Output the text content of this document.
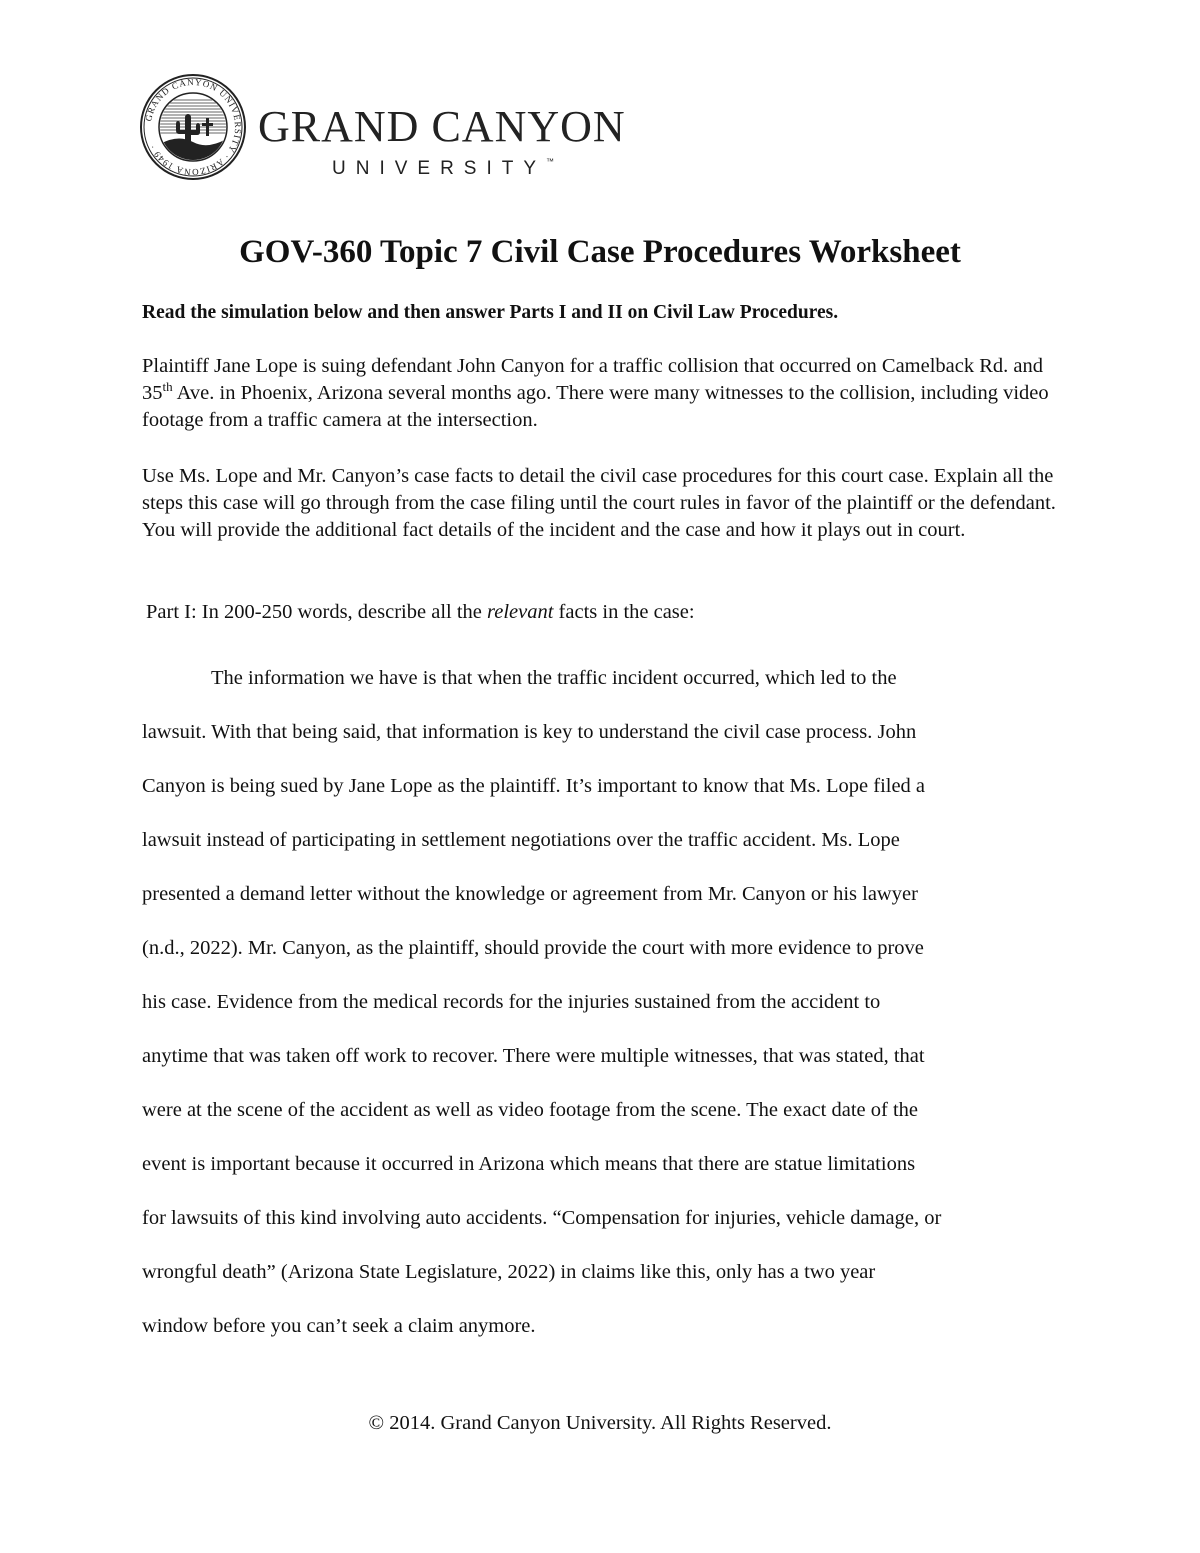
GRAND CANYON UNIVERSITY · ARIZONA 1949 ·	GRAND CANYON
UNIVERSITY™
GOV-360 Topic 7 Civil Case Procedures Worksheet
Read the simulation below and then answer Parts I and II on Civil Law Procedures.
Plaintiff Jane Lope is suing defendant John Canyon for a traffic collision that occurred on Camelback Rd. and 35th Ave. in Phoenix, Arizona several months ago. There were many witnesses to the collision, including video footage from a traffic camera at the intersection.
Use Ms. Lope and Mr. Canyon’s case facts to detail the civil case procedures for this court case. Explain all the steps this case will go through from the case filing until the court rules in favor of the plaintiff or the defendant. You will provide the additional fact details of the incident and the case and how it plays out in court.
Part I: In 200-250 words, describe all the relevant facts in the case:
The information we have is that when the traffic incident occurred, which led to the
lawsuit. With that being said, that information is key to understand the civil case process. John
Canyon is being sued by Jane Lope as the plaintiff. It’s important to know that Ms. Lope filed a
lawsuit instead of participating in settlement negotiations over the traffic accident. Ms. Lope
presented a demand letter without the knowledge or agreement from Mr. Canyon or his lawyer
(n.d., 2022). Mr. Canyon, as the plaintiff, should provide the court with more evidence to prove
his case. Evidence from the medical records for the injuries sustained from the accident to
anytime that was taken off work to recover. There were multiple witnesses, that was stated, that
were at the scene of the accident as well as video footage from the scene. The exact date of the
event is important because it occurred in Arizona which means that there are statue limitations
for lawsuits of this kind involving auto accidents. “Compensation for injuries, vehicle damage, or
wrongful death” (Arizona State Legislature, 2022) in claims like this, only has a two year
window before you can’t seek a claim anymore.
© 2014. Grand Canyon University. All Rights Reserved.
